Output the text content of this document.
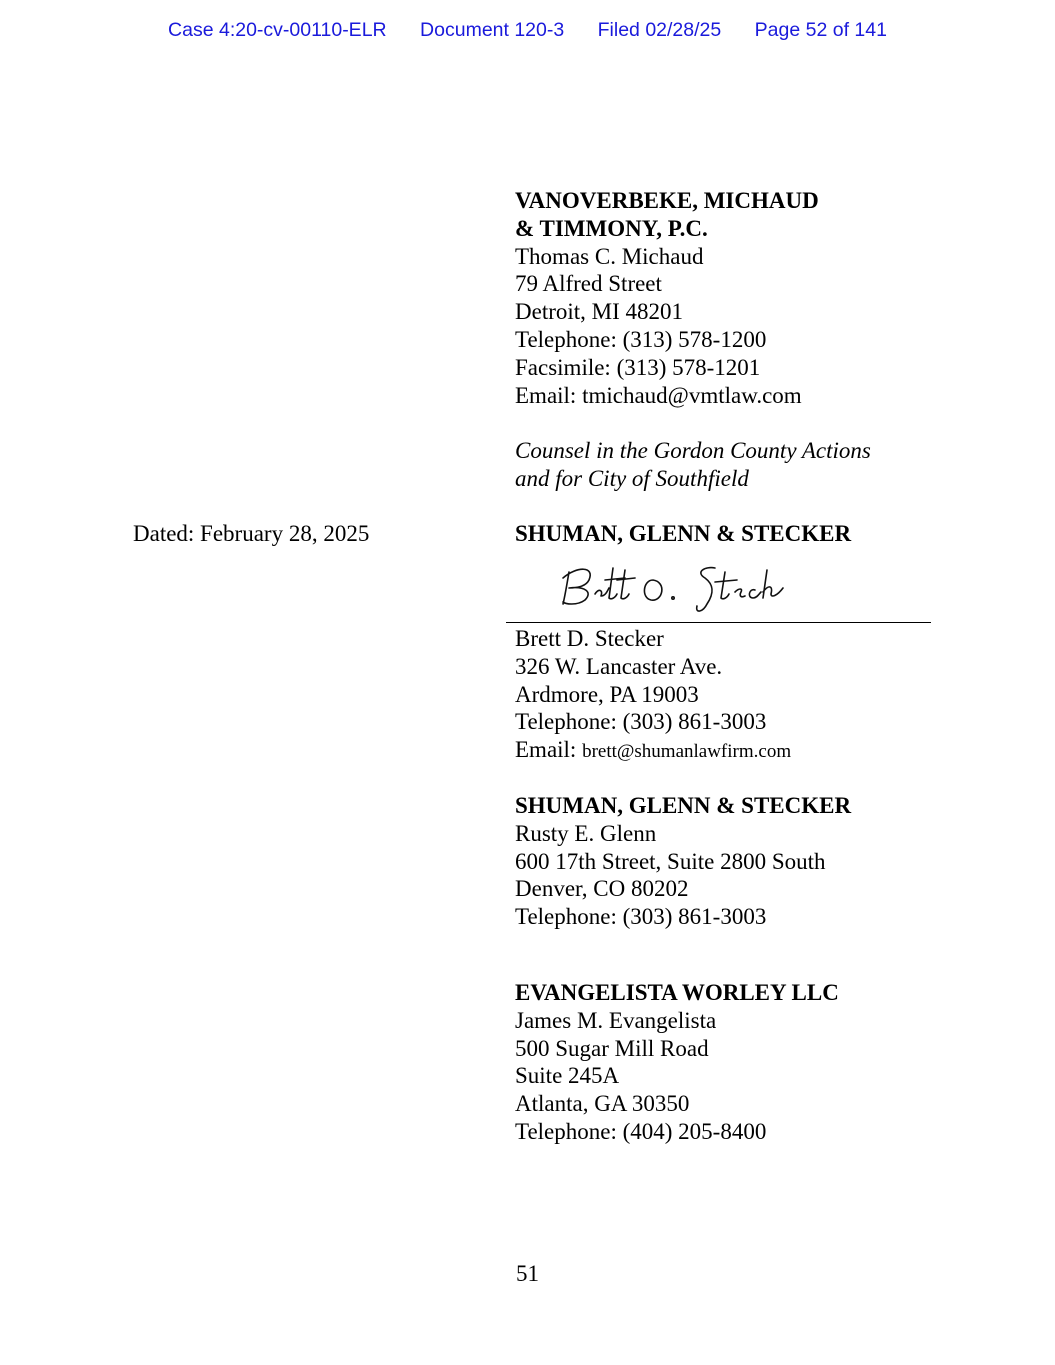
Case 4:20-cv-00110-ELR Document 120-3 Filed 02/28/25 Page 52 of 141
VANOVERBEKE, MICHAUD
& TIMMONY, P.C.
Thomas C. Michaud
79 Alfred Street
Detroit, MI 48201
Telephone: (313) 578-1200
Facsimile: (313) 578-1201
Email: tmichaud@vmtlaw.com
Counsel in the Gordon County Actions
and for City of Southfield
Dated: February 28, 2025	SHUMAN, GLENN & STECKER
Brett D. Stecker
326 W. Lancaster Ave.
Ardmore, PA 19003
Telephone: (303) 861-3003
Email: brett@shumanlawfirm.com
SHUMAN, GLENN & STECKER
Rusty E. Glenn
600 17th Street, Suite 2800 South
Denver, CO 80202
Telephone: (303) 861-3003
EVANGELISTA WORLEY LLC
James M. Evangelista
500 Sugar Mill Road
Suite 245A
Atlanta, GA 30350
Telephone: (404) 205-8400
51
